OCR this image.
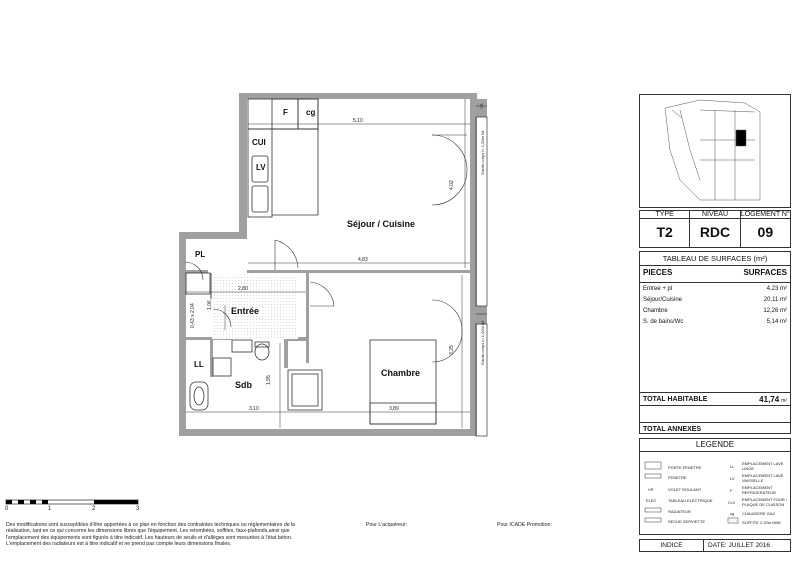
Séjour / Cuisine
Chambre
Entrée
Sdb
F cg
CUI
LV
PL
LL
5,10
4,02
4,83
2,80
1,06
0,43 x 2,04
3,25
1,95
3,10	3,89
Garde-corps h: 1,00m h/t
Garde-corps h: 1,00m h/t
VR
0	1	2	3
TYPE
T2
NIVEAU
RDC
LOGEMENT N°
09
TABLEAU DE SURFACES (m²)
PIECES	SURFACES
Entree + pl	4,23 m²
Séjour/Cuisine	20,11 m²
Chambre	12,26 m²
S. de bains/Wc	5,14 m²
TOTAL HABITABLE	41,74 m²
TOTAL ANNEXES
LEGENDE
PORTE FENETRE
FENETRE
VR	VOLET ROULANT
ELEC	TABLEAU ELECTRIQUE
RADIATEUR
SECHE SERVIETTE
LL
EMPLACEMENT LAVE LINGE
LV
EMPLACEMENT LAVE VAISSELLE
F
EMPLACEMENT REFRIGERATEUR
CUI
EMPLACEMENT FOUR / PLAQUE DE CUISSON
cg CHAUDIERE GAZ
SOFFITE 2.20m MINI
INDICE	DATE: JUILLET 2016
Des modifications sont susceptibles d'être apportées à ce plan en fonction des contraintes techniques ou réglementaires de la
réalisation, tant en ce qui concerne les dimensions libres que l'équipement. Les retombées, soffites, faux-plafonds,ainsi que
l'emplacement des équipements sont figurés à titre indicatif. Les hauteurs de seuils et d'allèges sont mesurées à l'état béton.
L'emplacement des radiateurs est à titre indicatif et ne prend pas compte leurs dimensions finales.
Pour L'acquéreur:	Pour ICADE Promotion:
